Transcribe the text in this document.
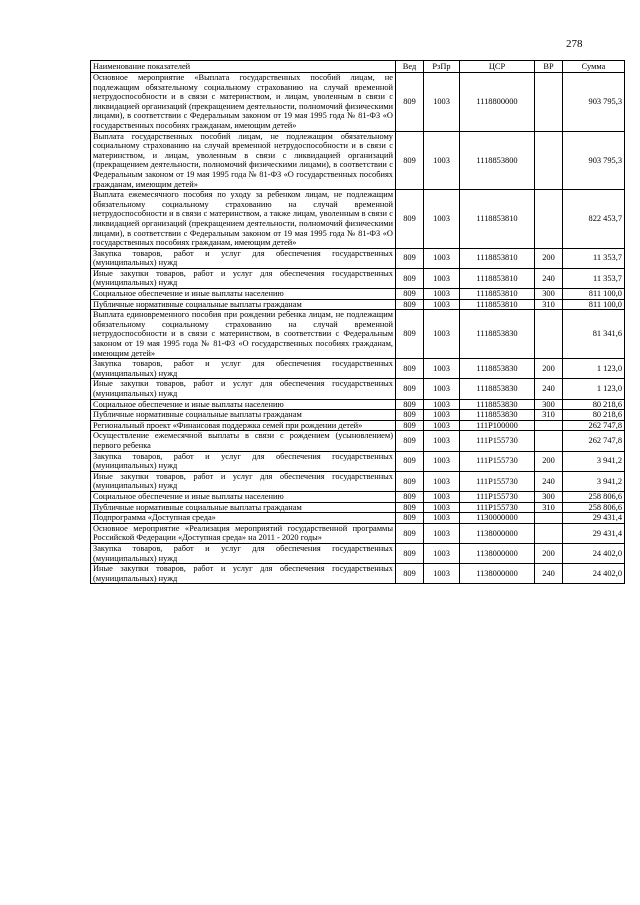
278
Наименование показателей	Вед	РзПр	ЦСР	ВР	Сумма
Основное мероприятие «Выплата государственных пособий лицам, не подлежащим обязательному социальному страхованию на случай временной нетрудоспособности и в связи с материнством, и лицам, уволенным в связи с ликвидацией организаций (прекращением деятельности, полномочий физическими лицами), в соответствии с Федеральным законом от 19 мая 1995 года № 81-ФЗ «О государственных пособиях гражданам, имеющим детей»	809	1003	1118800000		903 795,3
Выплата государственных пособий лицам, не подлежащим обязательному социальному страхованию на случай временной нетрудоспособности и в связи с материнством, и лицам, уволенным в связи с ликвидацией организаций (прекращением деятельности, полномочий физическими лицами), в соответствии с Федеральным законом от 19 мая 1995 года № 81-ФЗ «О государственных пособиях гражданам, имеющим детей»	809	1003	1118853800		903 795,3
Выплата ежемесячного пособия по уходу за ребенком лицам, не подлежащим обязательному социальному страхованию на случай временной нетрудоспособности и в связи с материнством, а также лицам, уволенным в связи с ликвидацией организаций (прекращением деятельности, полномочий физическими лицами), в соответствии с Федеральным законом от 19 мая 1995 года № 81-ФЗ «О государственных пособиях гражданам, имеющим детей»	809	1003	1118853810		822 453,7
Закупка товаров, работ и услуг для обеспечения государственных (муниципальных) нужд	809	1003	1118853810	200	11 353,7
Иные закупки товаров, работ и услуг для обеспечения государственных (муниципальных) нужд	809	1003	1118853810	240	11 353,7
Социальное обеспечение и иные выплаты населению	809	1003	1118853810	300	811 100,0
Публичные нормативные социальные выплаты гражданам	809	1003	1118853810	310	811 100,0
Выплата единовременного пособия при рождении ребенка лицам, не подлежащим обязательному социальному страхованию на случай временной нетрудоспособности и в связи с материнством, в соответствии с Федеральным законом от 19 мая 1995 года № 81-ФЗ «О государственных пособиях гражданам, имеющим детей»	809	1003	1118853830		81 341,6
Закупка товаров, работ и услуг для обеспечения государственных (муниципальных) нужд	809	1003	1118853830	200	1 123,0
Иные закупки товаров, работ и услуг для обеспечения государственных (муниципальных) нужд	809	1003	1118853830	240	1 123,0
Социальное обеспечение и иные выплаты населению	809	1003	1118853830	300	80 218,6
Публичные нормативные социальные выплаты гражданам	809	1003	1118853830	310	80 218,6
Региональный проект «Финансовая поддержка семей при рождении детей»	809	1003	111P100000		262 747,8
Осуществление ежемесячной выплаты в связи с рождением (усыновлением) первого ребенка	809	1003	111P155730		262 747,8
Закупка товаров, работ и услуг для обеспечения государственных (муниципальных) нужд	809	1003	111P155730	200	3 941,2
Иные закупки товаров, работ и услуг для обеспечения государственных (муниципальных) нужд	809	1003	111P155730	240	3 941,2
Социальное обеспечение и иные выплаты населению	809	1003	111P155730	300	258 806,6
Публичные нормативные социальные выплаты гражданам	809	1003	111P155730	310	258 806,6
Подпрограмма «Доступная среда»	809	1003	1130000000		29 431,4
Основное мероприятие «Реализация мероприятий государственной программы Российской Федерации «Доступная среда» на 2011 - 2020 годы»	809	1003	1138000000		29 431,4
Закупка товаров, работ и услуг для обеспечения государственных (муниципальных) нужд	809	1003	1138000000	200	24 402,0
Иные закупки товаров, работ и услуг для обеспечения государственных (муниципальных) нужд	809	1003	1138000000	240	24 402,0
